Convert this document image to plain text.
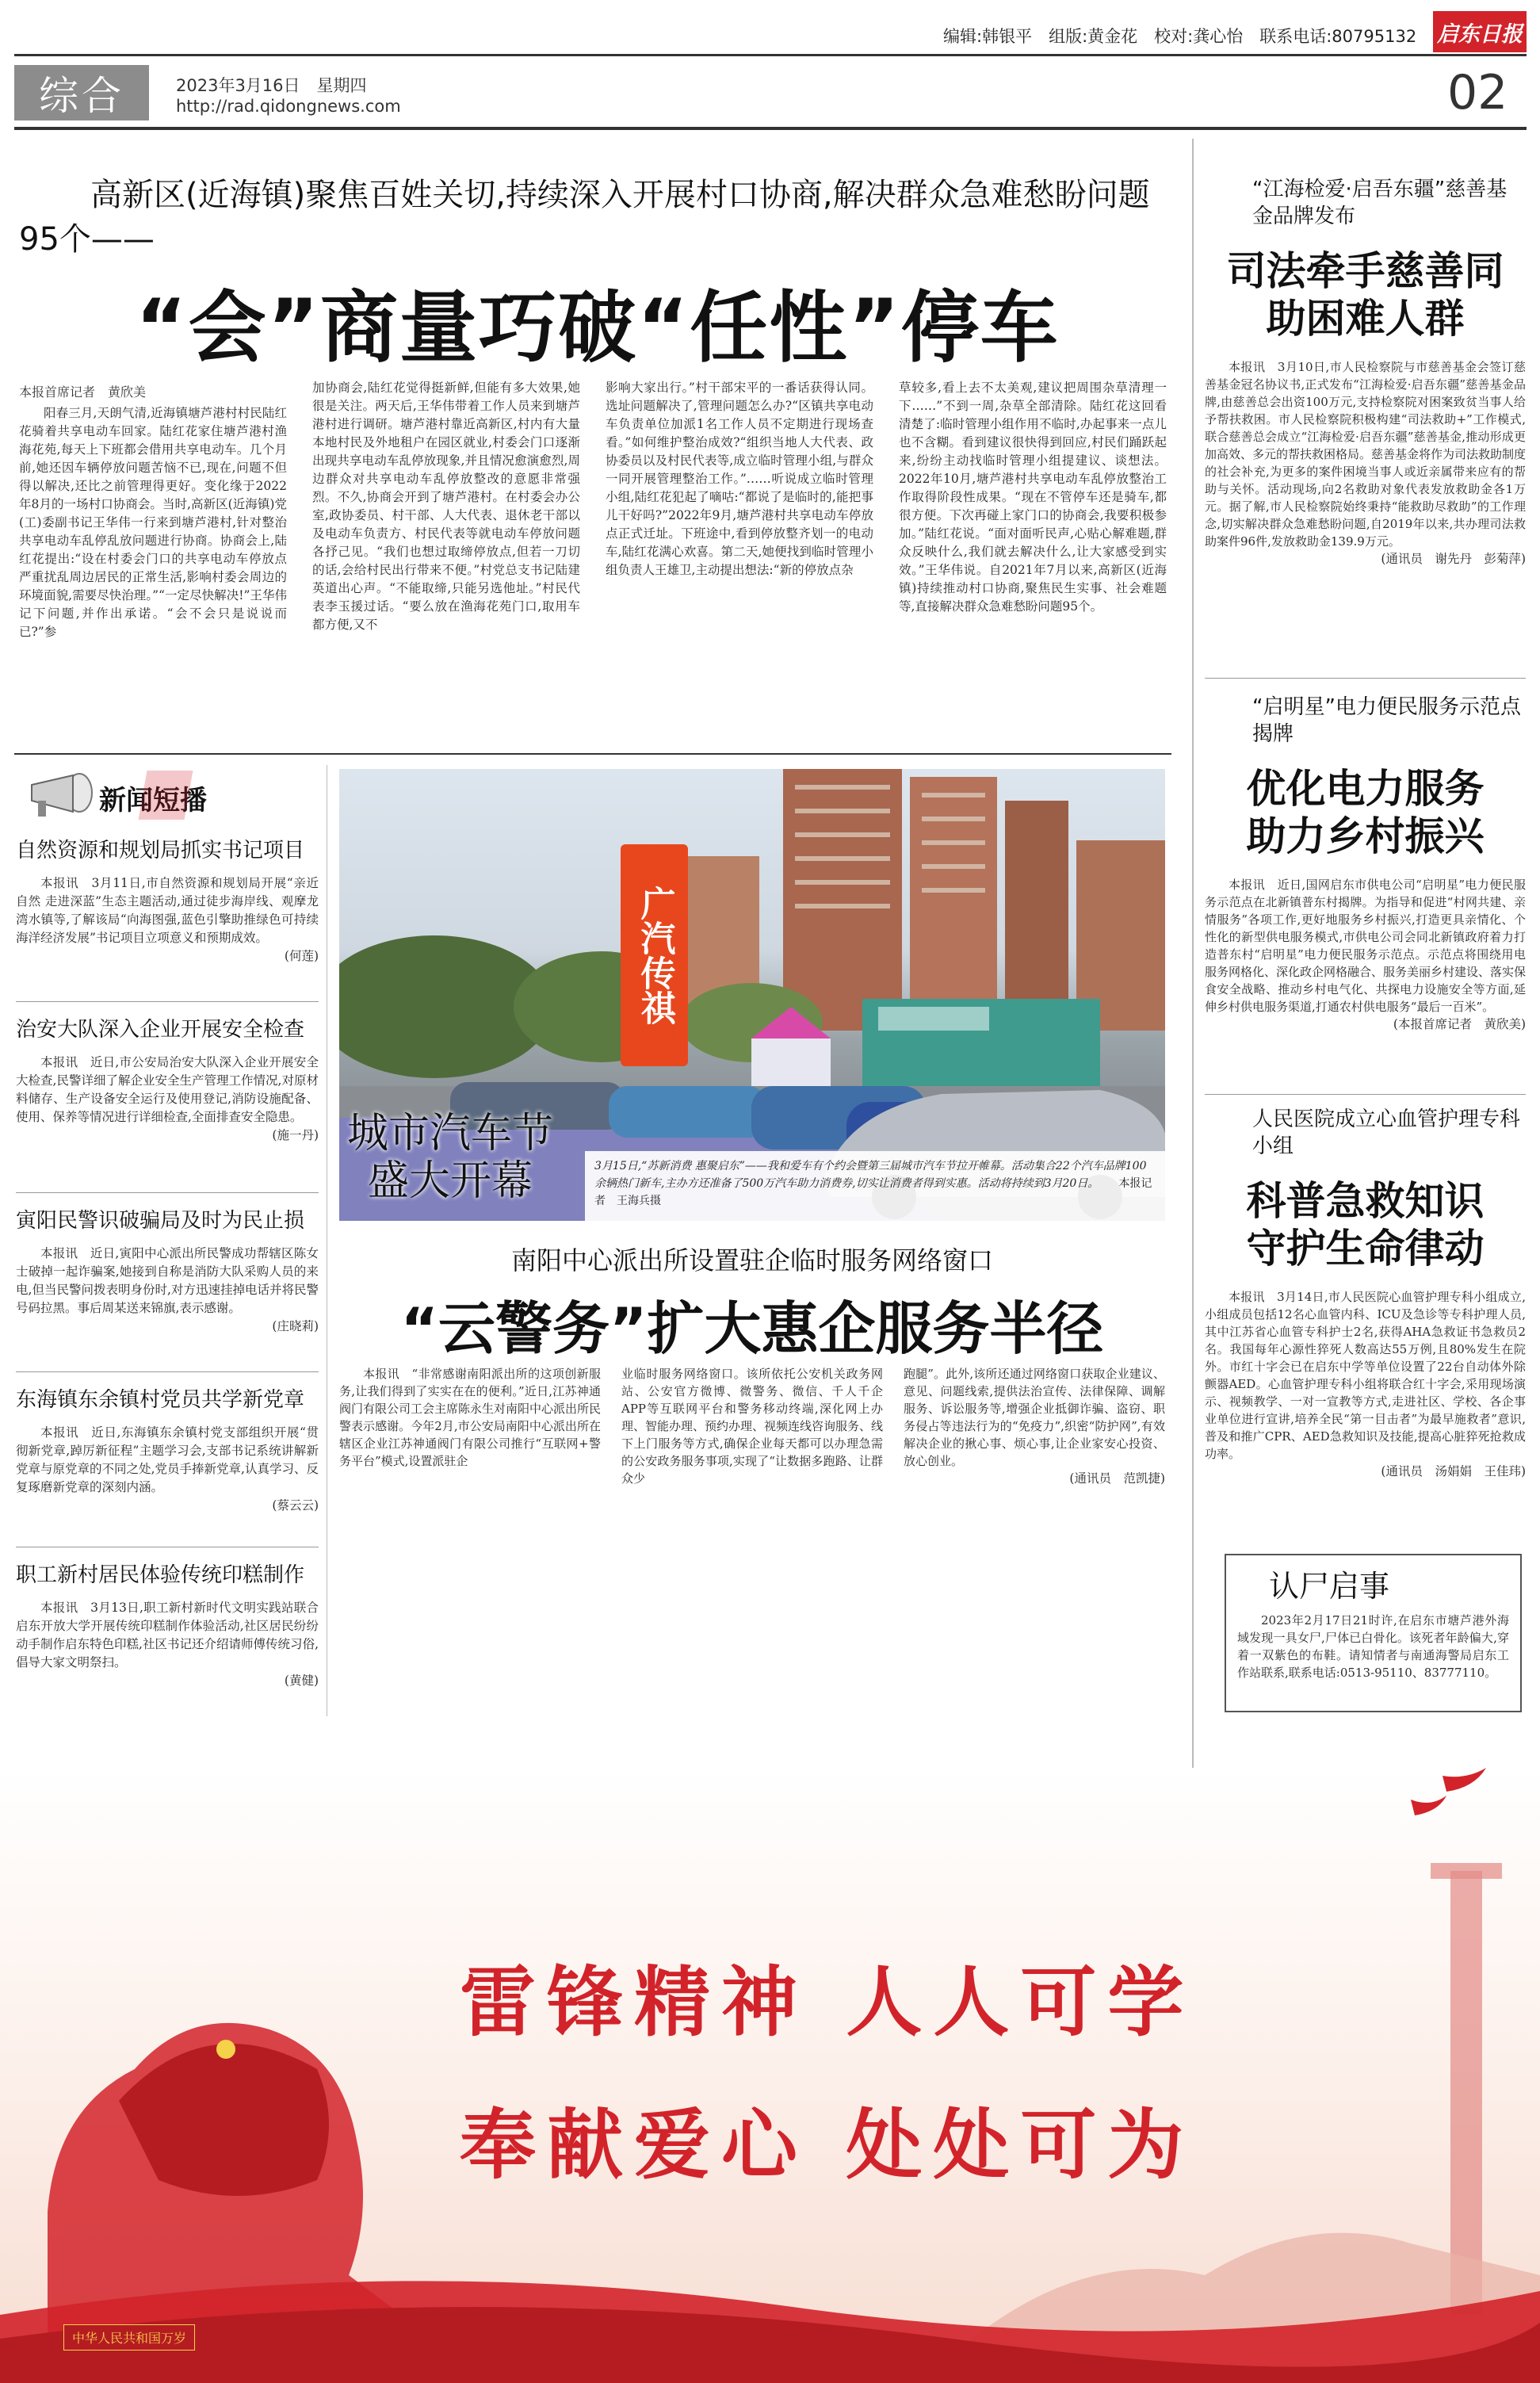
编辑:韩银平　组版:黄金花　校对:龚心怡　联系电话:80795132 启东日报
综合	2023年3月16日　星期四
http://rad.qidongnews.com	02
高新区(近海镇)聚焦百姓关切,持续深入开展村口协商,解决群众急难愁盼问题95个——
“会”商量巧破“任性”停车
本报首席记者　黄欣美

阳春三月,天朗气清,近海镇塘芦港村村民陆红花骑着共享电动车回家。陆红花家住塘芦港村渔海花苑,每天上下班都会借用共享电动车。几个月前,她还因车辆停放问题苦恼不已,现在,问题不但得以解决,还比之前管理得更好。变化缘于2022年8月的一场村口协商会。当时,高新区(近海镇)党(工)委副书记王华伟一行来到塘芦港村,针对整治共享电动车乱停乱放问题进行协商。协商会上,陆红花提出:“设在村委会门口的共享电动车停放点严重扰乱周边居民的正常生活,影响村委会周边的环境面貌,需要尽快治理。”“一定尽快解决!”王华伟记下问题,并作出承诺。“会不会只是说说而已?”参

加协商会,陆红花觉得挺新鲜,但能有多大效果,她很是关注。两天后,王华伟带着工作人员来到塘芦港村进行调研。塘芦港村靠近高新区,村内有大量本地村民及外地租户在园区就业,村委会门口逐渐出现共享电动车乱停放现象,并且情况愈演愈烈,周边群众对共享电动车乱停放整改的意愿非常强烈。不久,协商会开到了塘芦港村。在村委会办公室,政协委员、村干部、人大代表、退休老干部以及电动车负责方、村民代表等就电动车停放问题各抒己见。“我们也想过取缔停放点,但若一刀切的话,会给村民出行带来不便。”村党总支书记陆建英道出心声。“不能取缔,只能另选他址。”村民代表李玉援过话。“要么放在渔海花苑门口,取用车都方便,又不

影响大家出行。”村干部宋平的一番话获得认同。选址问题解决了,管理问题怎么办?“区镇共享电动车负责单位加派1名工作人员不定期进行现场查看。”如何维护整治成效?“组织当地人大代表、政协委员以及村民代表等,成立临时管理小组,与群众一同开展管理整治工作。”……听说成立临时管理小组,陆红花犯起了嘀咕:“都说了是临时的,能把事儿干好吗?”2022年9月,塘芦港村共享电动车停放点正式迁址。下班途中,看到停放整齐划一的电动车,陆红花满心欢喜。第二天,她便找到临时管理小组负责人王雄卫,主动提出想法:“新的停放点杂

草较多,看上去不太美观,建议把周围杂草清理一下……”不到一周,杂草全部清除。陆红花这回看清楚了:临时管理小组作用不临时,办起事来一点儿也不含糊。看到建议很快得到回应,村民们踊跃起来,纷纷主动找临时管理小组提建议、谈想法。2022年10月,塘芦港村共享电动车乱停放整治工作取得阶段性成果。“现在不管停车还是骑车,都很方便。下次再碰上家门口的协商会,我要积极参加。”陆红花说。“面对面听民声,心贴心解难题,群众反映什么,我们就去解决什么,让大家感受到实效。”王华伟说。自2021年7月以来,高新区(近海镇)持续推动村口协商,聚焦民生实事、社会难题等,直接解决群众急难愁盼问题95个。

“江海检爱·启吾东疆”慈善基金品牌发布
司法牵手慈善同助困难人群

本报讯　3月10日,市人民检察院与市慈善基金会签订慈善基金冠名协议书,正式发布“江海检爱·启吾东疆”慈善基金品牌,由慈善总会出资100万元,支持检察院对困案致贫当事人给予帮扶救困。市人民检察院积极构建“司法救助+”工作模式,联合慈善总会成立“江海检爱·启吾东疆”慈善基金,推动形成更加高效、多元的帮扶救困格局。慈善基金将作为司法救助制度的社会补充,为更多的案件困境当事人或近亲属带来应有的帮助与关怀。活动现场,向2名救助对象代表发放救助金各1万元。据了解,市人民检察院始终秉持“能救助尽救助”的工作理念,切实解决群众急难愁盼问题,自2019年以来,共办理司法救助案件96件,发放救助金139.9万元。

(通讯员　谢先丹　彭菊萍)
“启明星”电力便民服务示范点揭牌
优化电力服务助力乡村振兴

本报讯　近日,国网启东市供电公司“启明星”电力便民服务示范点在北新镇普东村揭牌。为指导和促进“村网共建、亲情服务”各项工作,更好地服务乡村振兴,打造更具亲情化、个性化的新型供电服务模式,市供电公司会同北新镇政府着力打造普东村“启明星”电力便民服务示范点。示范点将围绕用电服务网格化、深化政企网格融合、服务美丽乡村建设、落实保食安全战略、推动乡村电气化、共探电力设施安全等方面,延伸乡村供电服务渠道,打通农村供电服务“最后一百米”。

(本报首席记者　黄欣美)
人民医院成立心血管护理专科小组
科普急救知识守护生命律动

本报讯　3月14日,市人民医院心血管护理专科小组成立,小组成员包括12名心血管内科、ICU及急诊等专科护理人员,其中江苏省心血管专科护士2名,获得AHA急救证书急救员2名。我国每年心源性猝死人数高达55万例,且80%发生在院外。市红十字会已在启东中学等单位设置了22台自动体外除颤器AED。心血管护理专科小组将联合红十字会,采用现场演示、视频教学、一对一宣教等方式,走进社区、学校、各企事业单位进行宣讲,培养全民“第一目击者”为最早施救者”意识,普及和推广CPR、AED急救知识及技能,提高心脏猝死抢救成功率。

(通讯员　汤娟娟　王佳玮)
认尸启事

2023年2月17日21时许,在启东市塘芦港外海域发现一具女尸,尸体已白骨化。该死者年龄偏大,穿着一双紫色的布鞋。请知情者与南通海警局启东工作站联系,联系电话:0513-95110、83777110。

新闻短播
自然资源和规划局抓实书记项目

本报讯　3月11日,市自然资源和规划局开展“亲近自然 走进深蓝”生态主题活动,通过徒步海岸线、观摩龙湾水镇等,了解该局“向海图强,蓝色引擎助推绿色可持续海洋经济发展”书记项目立项意义和预期成效。

(何莲)
治安大队深入企业开展安全检查

本报讯　近日,市公安局治安大队深入企业开展安全大检查,民警详细了解企业安全生产管理工作情况,对原材料储存、生产设备安全运行及使用登记,消防设施配备、使用、保养等情况进行详细检查,全面排查安全隐患。

(施一丹)
寅阳民警识破骗局及时为民止损

本报讯　近日,寅阳中心派出所民警成功帮辖区陈女士破掉一起诈骗案,她接到自称是消防大队采购人员的来电,但当民警问拨表明身份时,对方迅速挂掉电话并将民警号码拉黑。事后周某送来锦旗,表示感谢。

(庄晓莉)
东海镇东余镇村党员共学新党章

本报讯　近日,东海镇东余镇村党支部组织开展“贯彻新党章,踔厉新征程”主题学习会,支部书记系统讲解新党章与原党章的不同之处,党员手捧新党章,认真学习、反复琢磨新党章的深刻内涵。

(蔡云云)
职工新村居民体验传统印糕制作

本报讯　3月13日,职工新村新时代文明实践站联合启东开放大学开展传统印糕制作体验活动,社区居民纷纷动手制作启东特色印糕,社区书记还介绍请师傅传统习俗,倡导大家文明祭扫。

(黄健)
广汽传祺
城市汽车节
盛大开幕	3月15日,“苏新消费 惠聚启东”——我和爱车有个约会暨第三届城市汽车节拉开帷幕。活动集合22个汽车品牌100余辆热门新车,主办方还准备了500万汽车助力消费券,切实让消费者得到实惠。活动将持续到3月20日。 本报记者　王海兵摄
南阳中心派出所设置驻企临时服务网络窗口
“云警务”扩大惠企服务半径

本报讯　“非常感谢南阳派出所的这项创新服务,让我们得到了实实在在的便利。”近日,江苏神通阀门有限公司工会主席陈永生对南阳中心派出所民警表示感谢。今年2月,市公安局南阳中心派出所在辖区企业江苏神通阀门有限公司推行“互联网+警务平台”模式,设置派驻企

业临时服务网络窗口。该所依托公安机关政务网站、公安官方微博、微警务、微信、千人千企APP等互联网平台和警务移动终端,深化网上办理、智能办理、预约办理、视频连线咨询服务、线下上门服务等方式,确保企业每天都可以办理急需的公安政务服务事项,实现了“让数据多跑路、让群众少

跑腿”。此外,该所还通过网络窗口获取企业建议、意见、问题线索,提供法治宣传、法律保障、调解服务、诉讼服务等,增强企业抵御诈骗、盗窃、职务侵占等违法行为的“免疫力”,织密“防护网”,有效解决企业的揪心事、烦心事,让企业家安心投资、放心创业。

(通讯员　范凯捷)
雷锋精神 人人可学
奉献爱心 处处可为
中华人民共和国万岁
